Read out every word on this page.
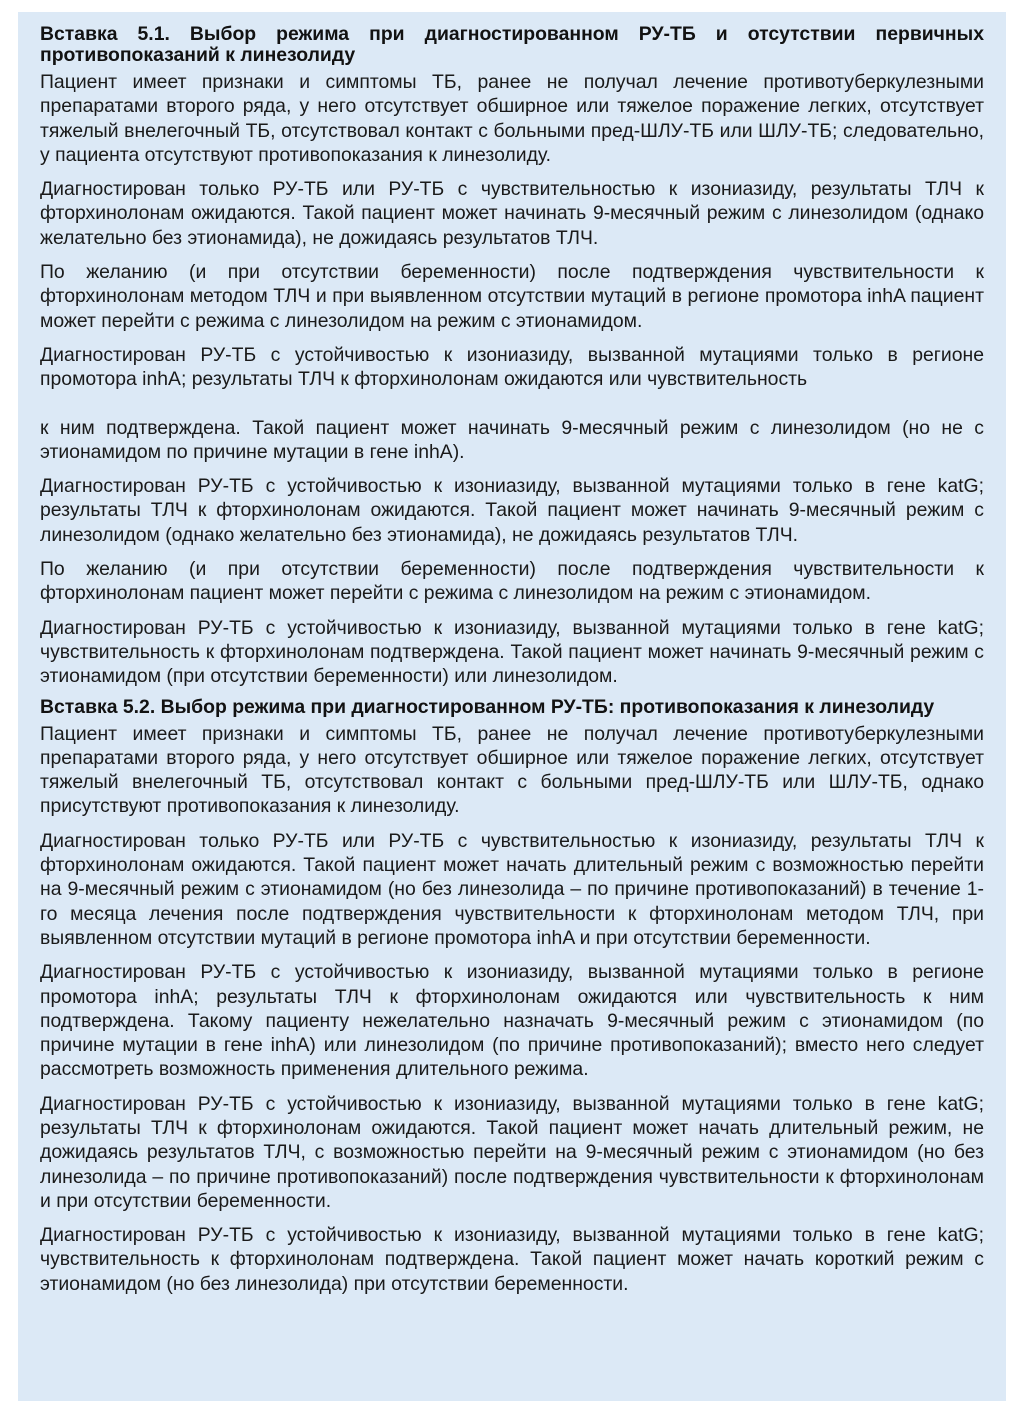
Вставка 5.1. Выбор режима при диагностированном РУ-ТБ и отсутствии первичных противопоказаний к линезолиду

Пациент имеет признаки и симптомы ТБ, ранее не получал лечение противотуберкулезными препаратами второго ряда, у него отсутствует обширное или тяжелое поражение легких, отсутствует тяжелый внелегочный ТБ, отсутствовал контакт с больными пред-ШЛУ-ТБ или ШЛУ-ТБ; следовательно, у пациента отсутствуют противопоказания к линезолиду.

Диагностирован только РУ-ТБ или РУ-ТБ с чувствительностью к изониазиду, результаты ТЛЧ к фторхинолонам ожидаются. Такой пациент может начинать 9-месячный режим с линезолидом (однако желательно без этионамида), не дожидаясь результатов ТЛЧ.

По желанию (и при отсутствии беременности) после подтверждения чувствительности к фторхинолонам методом ТЛЧ и при выявленном отсутствии мутаций в регионе промотора inhA пациент может перейти с режима с линезолидом на режим с этионамидом.

Диагностирован РУ-ТБ с устойчивостью к изониазиду, вызванной мутациями только в регионе промотора inhA; результаты ТЛЧ к фторхинолонам ожидаются или чувствительность

к ним подтверждена. Такой пациент может начинать 9-месячный режим с линезолидом (но не с этионамидом по причине мутации в гене inhA).

Диагностирован РУ-ТБ с устойчивостью к изониазиду, вызванной мутациями только в гене katG; результаты ТЛЧ к фторхинолонам ожидаются. Такой пациент может начинать 9-месячный режим с линезолидом (однако желательно без этионамида), не дожидаясь результатов ТЛЧ.

По желанию (и при отсутствии беременности) после подтверждения чувствительности к фторхинолонам пациент может перейти с режима с линезолидом на режим с этионамидом.

Диагностирован РУ-ТБ с устойчивостью к изониазиду, вызванной мутациями только в гене katG; чувствительность к фторхинолонам подтверждена. Такой пациент может начинать 9-месячный режим с этионамидом (при отсутствии беременности) или линезолидом.

Вставка 5.2. Выбор режима при диагностированном РУ-ТБ: противопоказания к линезолиду

Пациент имеет признаки и симптомы ТБ, ранее не получал лечение противотуберкулезными препаратами второго ряда, у него отсутствует обширное или тяжелое поражение легких, отсутствует тяжелый внелегочный ТБ, отсутствовал контакт с больными пред-ШЛУ-ТБ или ШЛУ-ТБ, однако присутствуют противопоказания к линезолиду.

Диагностирован только РУ-ТБ или РУ-ТБ с чувствительностью к изониазиду, результаты ТЛЧ к фторхинолонам ожидаются. Такой пациент может начать длительный режим с возможностью перейти на 9-месячный режим с этионамидом (но без линезолида – по причине противопоказаний) в течение 1-го месяца лечения после подтверждения чувствительности к фторхинолонам методом ТЛЧ, при выявленном отсутствии мутаций в регионе промотора inhA и при отсутствии беременности.

Диагностирован РУ-ТБ с устойчивостью к изониазиду, вызванной мутациями только в регионе промотора inhA; результаты ТЛЧ к фторхинолонам ожидаются или чувствительность к ним подтверждена. Такому пациенту нежелательно назначать 9-месячный режим с этионамидом (по причине мутации в гене inhA) или линезолидом (по причине противопоказаний); вместо него следует рассмотреть возможность применения длительного режима.

Диагностирован РУ-ТБ с устойчивостью к изониазиду, вызванной мутациями только в гене katG; результаты ТЛЧ к фторхинолонам ожидаются. Такой пациент может начать длительный режим, не дожидаясь результатов ТЛЧ, с возможностью перейти на 9-месячный режим с этионамидом (но без линезолида – по причине противопоказаний) после подтверждения чувствительности к фторхинолонам и при отсутствии беременности.

Диагностирован РУ-ТБ с устойчивостью к изониазиду, вызванной мутациями только в гене katG; чувствительность к фторхинолонам подтверждена. Такой пациент может начать короткий режим с этионамидом (но без линезолида) при отсутствии беременности.
